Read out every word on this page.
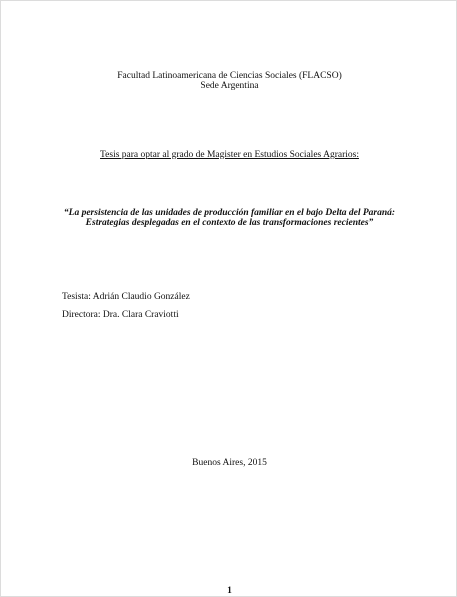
Facultad Latinoamericana de Ciencias Sociales (FLACSO)
Sede Argentina
Tesis para optar al grado de Magister en Estudios Sociales Agrarios:
“La persistencia de las unidades de producción familiar en el bajo Delta del Paraná:
Estrategias desplegadas en el contexto de las transformaciones recientes”
Tesista: Adrián Claudio González
Directora: Dra. Clara Craviotti
Buenos Aires, 2015
1
